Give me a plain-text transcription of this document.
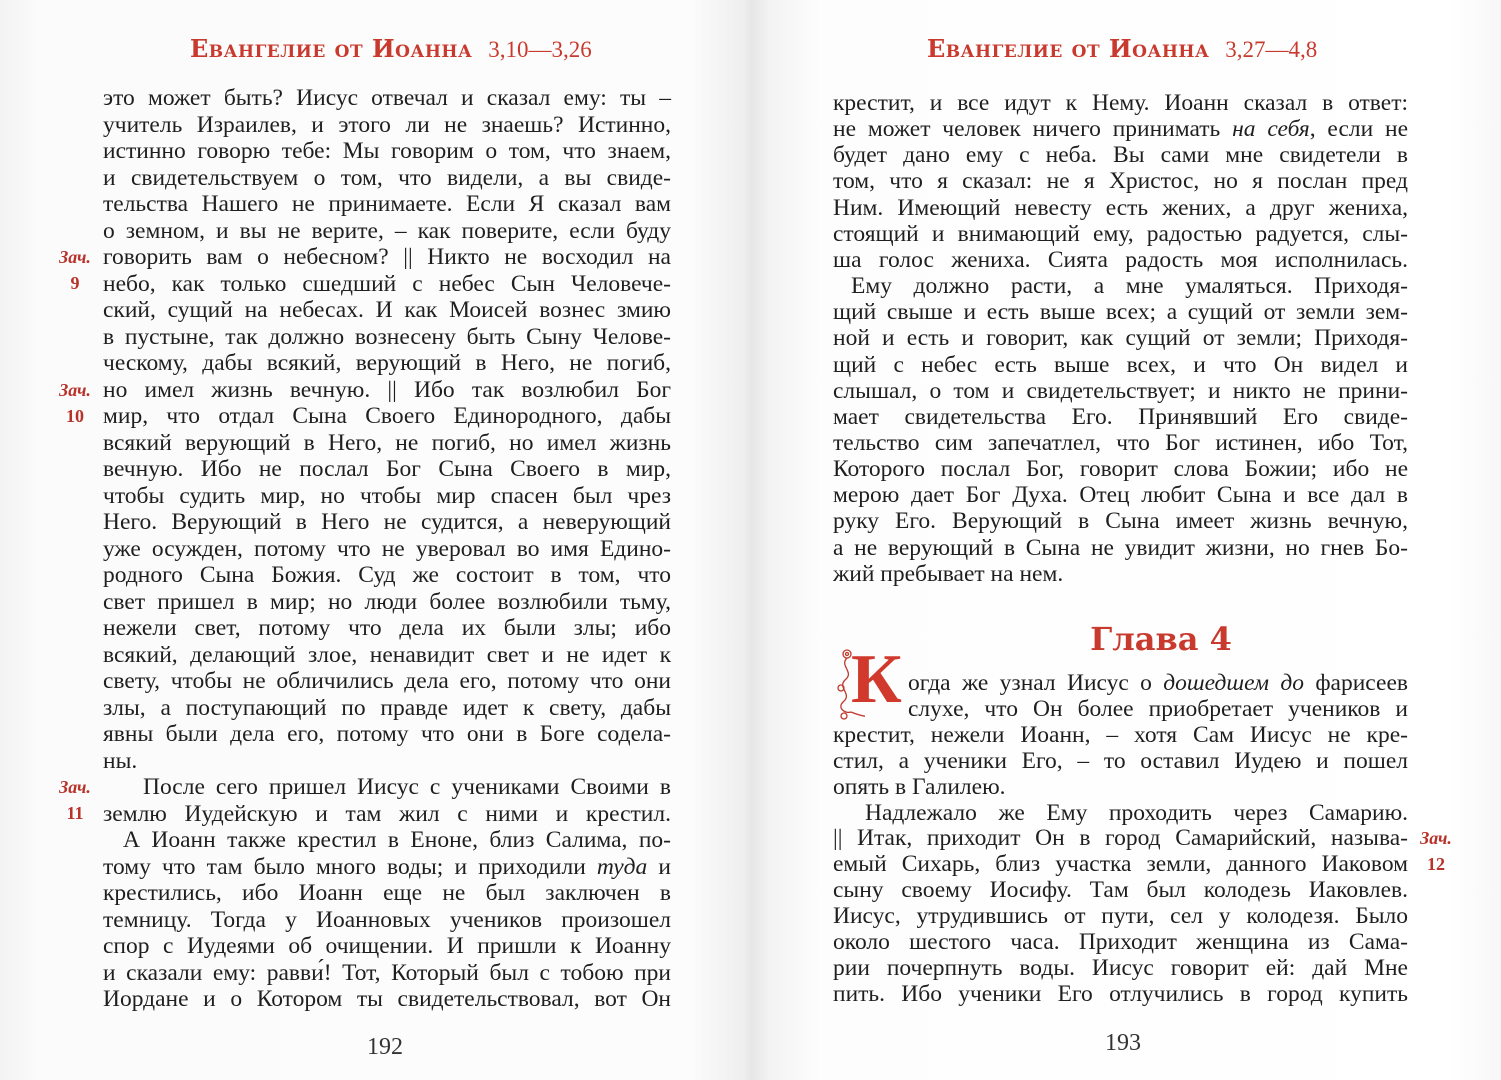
Евангелие от Иоанна 3,10—3,26
это может быть? Иисус отвечал и сказал ему: ты –
учитель Израилев, и этого ли не знаешь? Истинно,
истинно говорю тебе: Мы говорим о том, что знаем,
и свидетельствуем о том, что видели, а вы свиде-
тельства Нашего не принимаете. Если Я сказал вам
о земном, и вы не верите, – как поверите, если буду
говорить вам о небесном? || Никто не восходил на
небо, как только сшедший с небес Сын Человече-
ский, сущий на небесах. И как Моисей вознес змию
в пустыне, так должно вознесену быть Сыну Челове-
ческому, дабы всякий, верующий в Него, не погиб,
но имел жизнь вечную. || Ибо так возлюбил Бог
мир, что отдал Сына Своего Единородного, дабы
всякий верующий в Него, не погиб, но имел жизнь
вечную. Ибо не послал Бог Сына Своего в мир,
чтобы судить мир, но чтобы мир спасен был чрез
Него. Верующий в Него не судится, а неверующий
уже осужден, потому что не уверовал во имя Едино-
родного Сына Божия. Суд же состоит в том, что
свет пришел в мир; но люди более возлюбили тьму,
нежели свет, потому что дела их были злы; ибо
всякий, делающий злое, ненавидит свет и не идет к
свету, чтобы не обличились дела его, потому что они
злы, а поступающий по правде идет к свету, дабы
явны были дела его, потому что они в Боге содела-
ны.
После сего пришел Иисус с учениками Своими в
землю Иудейскую и там жил с ними и крестил.
А Иоанн также крестил в Еноне, близ Салима, по-
тому что там было много воды; и приходили туда и
крестились, ибо Иоанн еще не был заключен в
темницу. Тогда у Иоанновых учеников произошел
спор с Иудеями об очищении. И пришли к Иоанну
и сказали ему: равви́! Тот, Который был с тобою при
Иордане и о Котором ты свидетельствовал, вот Он
Зач.
9
Зач.
10
Зач.
11
192
Евангелие от Иоанна 3,27—4,8
крестит, и все идут к Нему. Иоанн сказал в ответ:
не может человек ничего принимать на себя, если не
будет дано ему с неба. Вы сами мне свидетели в
том, что я сказал: не я Христос, но я послан пред
Ним. Имеющий невесту есть жених, а друг жениха,
стоящий и внимающий ему, радостью радуется, слы-
ша голос жениха. Сията радость моя исполнилась.
Ему должно расти, а мне умаляться. Приходя-
щий свыше и есть выше всех; а сущий от земли зем-
ной и есть и говорит, как сущий от земли; Приходя-
щий с небес есть выше всех, и что Он видел и
слышал, о том и свидетельствует; и никто не прини-
мает свидетельства Его. Принявший Его свиде-
тельство сим запечатлел, что Бог истинен, ибо Тот,
Которого послал Бог, говорит слова Божии; ибо не
мерою дает Бог Духа. Отец любит Сына и все дал в
руку Его. Верующий в Сына имеет жизнь вечную,
а не верующий в Сына не увидит жизни, но гнев Бо-
жий пребывает на нем.
огда же узнал Иисус о дошедшем до фарисеев
слухе, что Он более приобретает учеников и
крестит, нежели Иоанн, – хотя Сам Иисус не кре-
стил, а ученики Его, – то оставил Иудею и пошел
опять в Галилею.
Надлежало же Ему проходить через Самарию.
|| Итак, приходит Он в город Самарийский, называ-
емый Сихарь, близ участка земли, данного Иаковом
сыну своему Иосифу. Там был колодезь Иаковлев.
Иисус, утрудившись от пути, сел у колодезя. Было
около шестого часа. Приходит женщина из Сама-
рии почерпнуть воды. Иисус говорит ей: дай Мне
пить. Ибо ученики Его отлучились в город купить
Зач.
12
Глава 4
К
193
